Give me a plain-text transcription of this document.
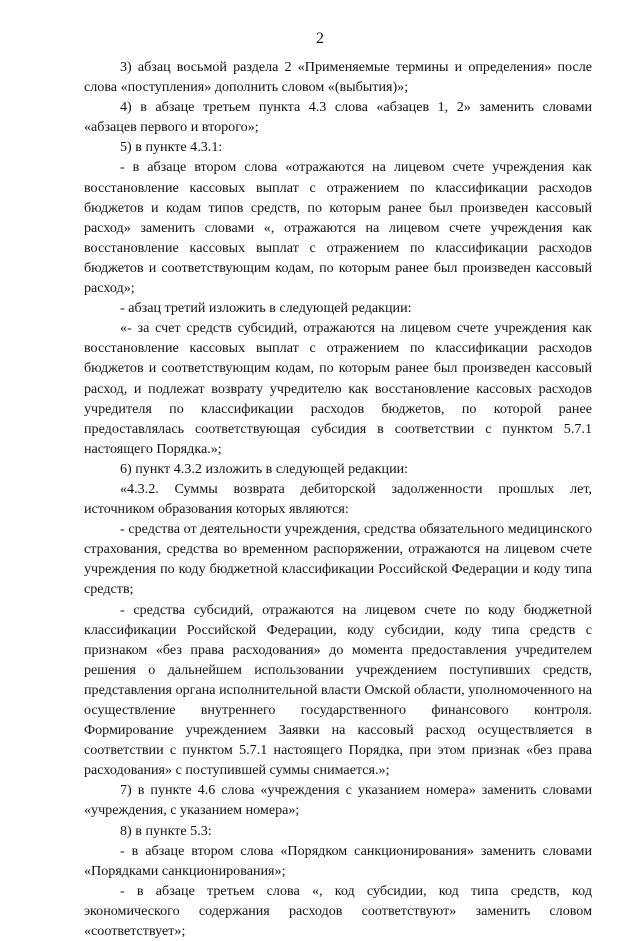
2

3) абзац восьмой раздела 2 «Применяемые термины и определения» после слова «поступления» дополнить словом «(выбытия)»;

4) в абзаце третьем пункта 4.3 слова «абзацев 1, 2» заменить словами «абзацев первого и второго»;

5) в пункте 4.3.1:

- в абзаце втором слова «отражаются на лицевом счете учреждения как восстановление кассовых выплат с отражением по классификации расходов бюджетов и кодам типов средств, по которым ранее был произведен кассовый расход» заменить словами «, отражаются на лицевом счете учреждения как восстановление кассовых выплат с отражением по классификации расходов бюджетов и соответствующим кодам, по которым ранее был произведен кассовый расход»;

- абзац третий изложить в следующей редакции:

«- за счет средств субсидий, отражаются на лицевом счете учреждения как восстановление кассовых выплат с отражением по классификации расходов бюджетов и соответствующим кодам, по которым ранее был произведен кассовый расход, и подлежат возврату учредителю как восстановление кассовых расходов учредителя по классификации расходов бюджетов, по которой ранее предоставлялась соответствующая субсидия в соответствии с пунктом 5.7.1 настоящего Порядка.»;

6) пункт 4.3.2 изложить в следующей редакции:

«4.3.2. Суммы возврата дебиторской задолженности прошлых лет, источником образования которых являются:

- средства от деятельности учреждения, средства обязательного медицинского страхования, средства во временном распоряжении, отражаются на лицевом счете учреждения по коду бюджетной классификации Российской Федерации и коду типа средств;

- средства субсидий, отражаются на лицевом счете по коду бюджетной классификации Российской Федерации, коду субсидии, коду типа средств с признаком «без права расходования» до момента предоставления учредителем решения о дальнейшем использовании учреждением поступивших средств, представления органа исполнительной власти Омской области, уполномоченного на осуществление внутреннего государственного финансового контроля. Формирование учреждением Заявки на кассовый расход осуществляется в соответствии с пунктом 5.7.1 настоящего Порядка, при этом признак «без права расходования» с поступившей суммы снимается.»;

7) в пункте 4.6 слова «учреждения с указанием номера» заменить словами «учреждения, с указанием номера»;

8) в пункте 5.3:

- в абзаце втором слова «Порядком санкционирования» заменить словами «Порядками санкционирования»;

- в абзаце третьем слова «, код субсидии, код типа средств, код экономического содержания расходов соответствуют» заменить словом «соответствует»;
